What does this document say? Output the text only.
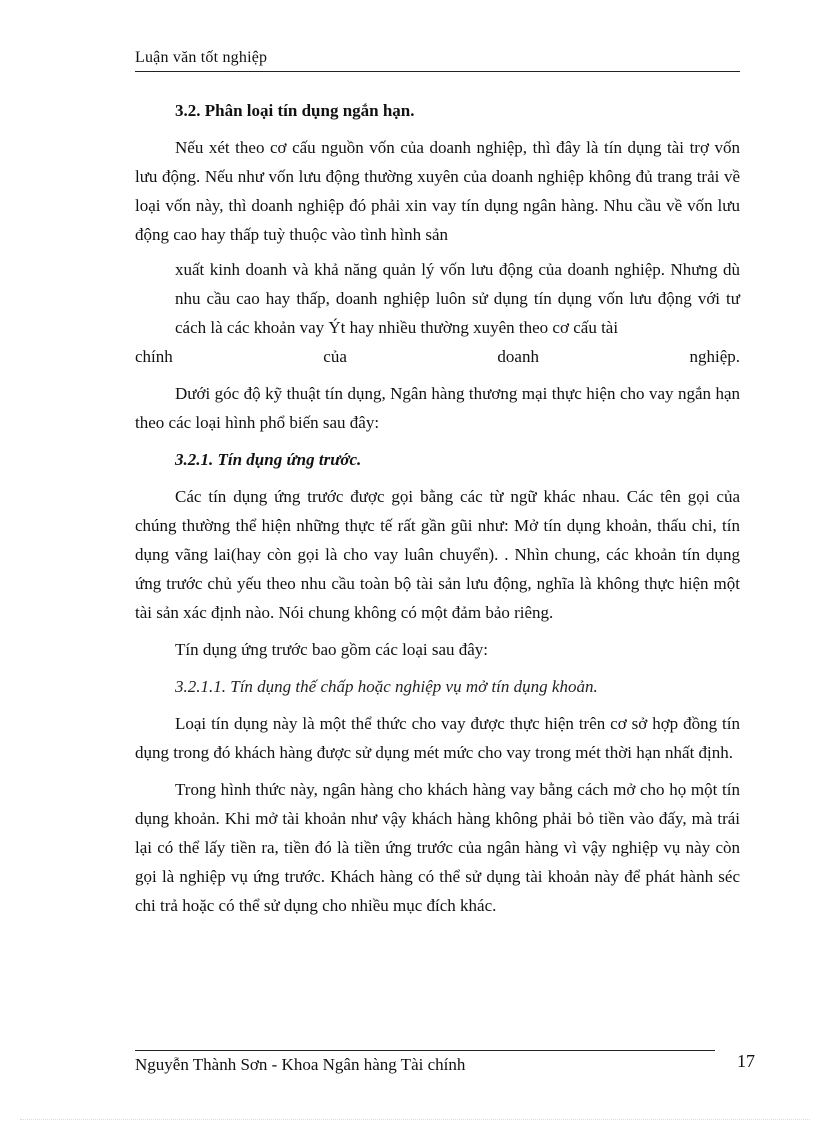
Luận văn tốt nghiệp

3.2. Phân loại tín dụng ngắn hạn.

Nếu xét theo cơ cấu nguồn vốn của doanh nghiệp, thì đây là tín dụng tài trợ vốn lưu động. Nếu như vốn lưu động thường xuyên của doanh nghiệp không đủ trang trải về loại vốn này, thì doanh nghiệp đó phải xin vay tín dụng ngân hàng. Nhu cầu về vốn lưu động cao hay thấp tuỳ thuộc vào tình hình sản

xuất kinh doanh và khả năng quản lý vốn lưu động của doanh nghiệp. Nhưng dù nhu cầu cao hay thấp, doanh nghiệp luôn sử dụng tín dụng vốn lưu động với tư cách là các khoản vay Ýt hay nhiều thường xuyên theo cơ cấu tài

chính của doanh nghiệp.

Dưới góc độ kỹ thuật tín dụng, Ngân hàng thương mại thực hiện cho vay ngắn hạn theo các loại hình phổ biến sau đây:

3.2.1. Tín dụng ứng trước.

Các tín dụng ứng trước được gọi bằng các từ ngữ khác nhau. Các tên gọi của chúng thường thể hiện những thực tế rất gần gũi như: Mở tín dụng khoản, thấu chi, tín dụng vãng lai(hay còn gọi là cho vay luân chuyển). . Nhìn chung, các khoản tín dụng ứng trước chủ yếu theo nhu cầu toàn bộ tài sản lưu động, nghĩa là không thực hiện một tài sản xác định nào. Nói chung không có một đảm bảo riêng.

Tín dụng ứng trước bao gồm các loại sau đây:

3.2.1.1. Tín dụng thế chấp hoặc nghiệp vụ mở tín dụng khoản.

Loại tín dụng này là một thể thức cho vay được thực hiện trên cơ sở hợp đồng tín dụng trong đó khách hàng được sử dụng mét mức cho vay trong mét thời hạn nhất định.

Trong hình thức này, ngân hàng cho khách hàng vay bằng cách mở cho họ một tín dụng khoản. Khi mở tài khoản như vậy khách hàng không phải bỏ tiền vào đấy, mà trái lại có thể lấy tiền ra, tiền đó là tiền ứng trước của ngân hàng vì vậy nghiệp vụ này còn gọi là nghiệp vụ ứng trước. Khách hàng có thể sử dụng tài khoản này để phát hành séc chi trả hoặc có thể sử dụng cho nhiều mục đích khác.

Nguyễn Thành Sơn - Khoa Ngân hàng Tài chính	17
